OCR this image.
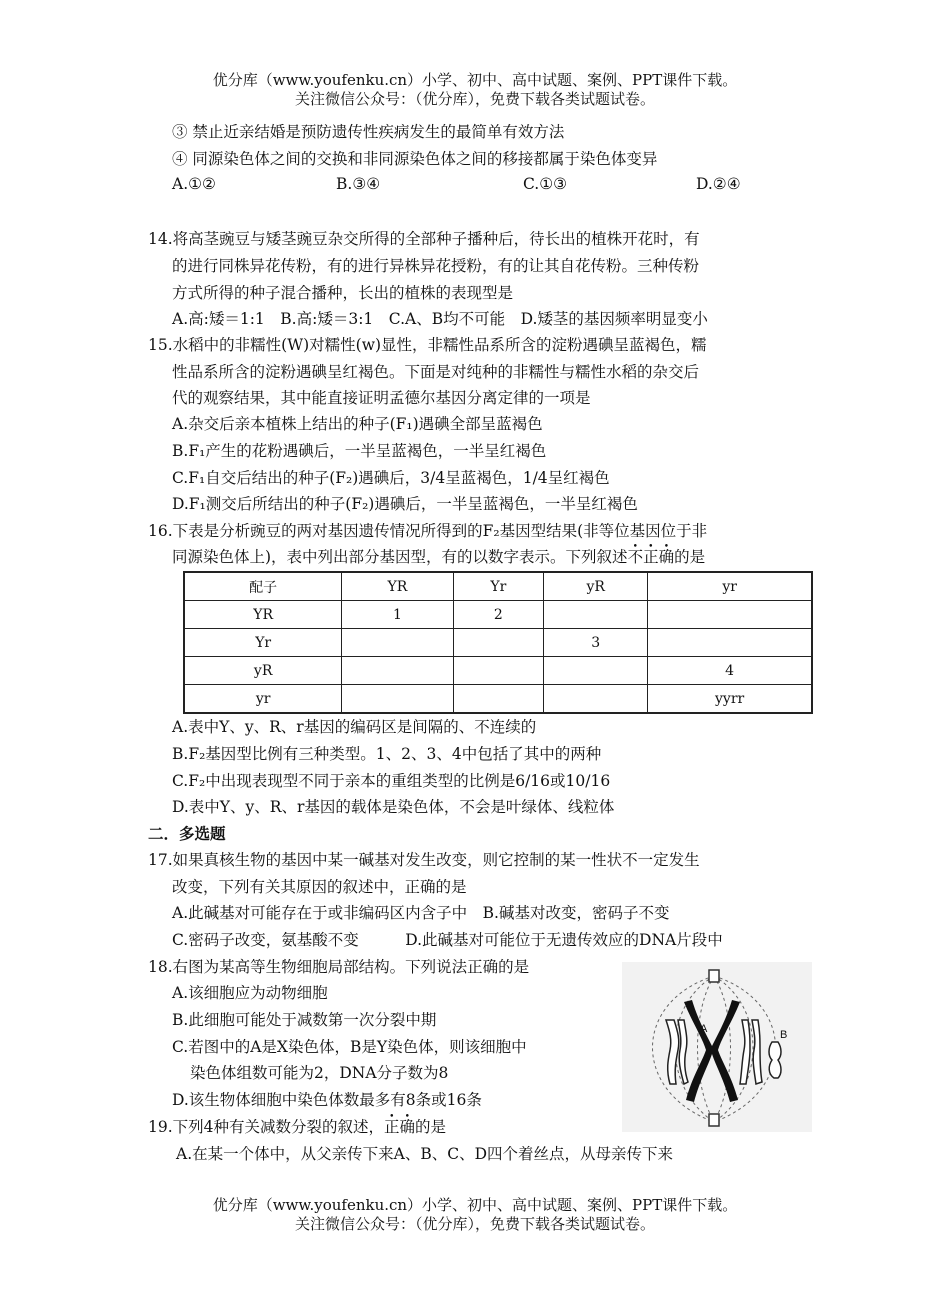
优分库（www.youfenku.cn）小学、初中、高中试题、案例、PPT课件下载。
关注微信公众号：（优分库），免费下载各类试题试卷。
③ 禁止近亲结婚是预防遗传性疾病发生的最简单有效方法
④ 同源染色体之间的交换和非同源染色体之间的移接都属于染色体变异
A.①②	B.③④	C.①③	D.②④
14.将高茎豌豆与矮茎豌豆杂交所得的全部种子播种后，待长出的植株开花时，有
的进行同株异花传粉，有的进行异株异花授粉，有的让其自花传粉。三种传粉
方式所得的种子混合播种，长出的植株的表现型是
A.高:矮＝1:1　B.高:矮＝3:1　C.A、B均不可能　D.矮茎的基因频率明显变小
15.水稻中的非糯性(W)对糯性(w)显性，非糯性品系所含的淀粉遇碘呈蓝褐色，糯
性品系所含的淀粉遇碘呈红褐色。下面是对纯种的非糯性与糯性水稻的杂交后
代的观察结果，其中能直接证明孟德尔基因分离定律的一项是
A.杂交后亲本植株上结出的种子(F₁)遇碘全部呈蓝褐色
B.F₁产生的花粉遇碘后，一半呈蓝褐色，一半呈红褐色
C.F₁自交后结出的种子(F₂)遇碘后，3/4呈蓝褐色，1/4呈红褐色
D.F₁测交后所结出的种子(F₂)遇碘后，一半呈蓝褐色，一半呈红褐色
16.下表是分析豌豆的两对基因遗传情况所得到的F₂基因型结果(非等位基因位于非
同源染色体上)，表中列出部分基因型，有的以数字表示。下列叙述不正确的是
配子	YR	Yr	yR	yr
YR	1	2		
Yr			3	
yR				4
yr				yyrr
A.表中Y、y、R、r基因的编码区是间隔的、不连续的
B.F₂基因型比例有三种类型。1、2、3、4中包括了其中的两种
C.F₂中出现表现型不同于亲本的重组类型的比例是6/16或10/16
D.表中Y、y、R、r基因的载体是染色体，不会是叶绿体、线粒体
二．多选题
17.如果真核生物的基因中某一碱基对发生改变，则它控制的某一性状不一定发生
改变，下列有关其原因的叙述中，正确的是
A.此碱基对可能存在于或非编码区内含子中　B.碱基对改变，密码子不变
C.密码子改变，氨基酸不变　　　D.此碱基对可能位于无遗传效应的DNA片段中
18.右图为某高等生物细胞局部结构。下列说法正确的是
A.该细胞应为动物细胞
B.此细胞可能处于减数第一次分裂中期
C.若图中的A是X染色体，B是Y染色体，则该细胞中
染色体组数可能为2，DNA分子数为8
D.该生物体细胞中染色体数最多有8条或16条
A	B
19.下列4种有关减数分裂的叙述，正确的是
A.在某一个体中，从父亲传下来A、B、C、D四个着丝点，从母亲传下来
优分库（www.youfenku.cn）小学、初中、高中试题、案例、PPT课件下载。
关注微信公众号：（优分库），免费下载各类试题试卷。
